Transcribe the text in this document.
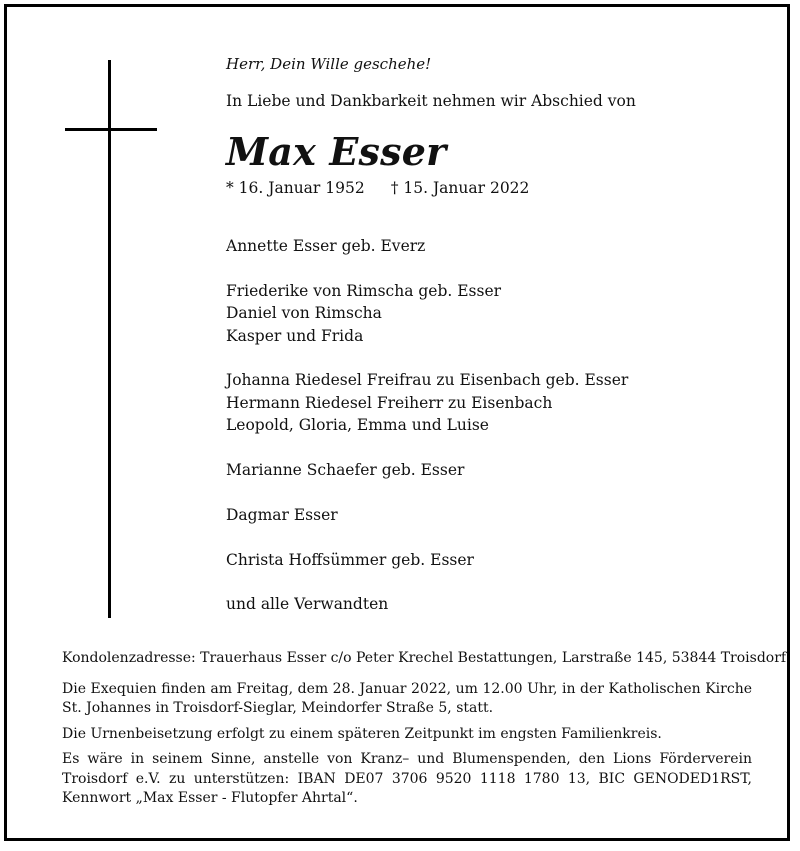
Herr, Dein Wille geschehe!
In Liebe und Dankbarkeit nehmen wir Abschied von
Max Esser
* 16. Januar 1952 † 15. Januar 2022
Annette Esser geb. Everz
Friederike von Rimscha geb. Esser
Daniel von Rimscha
Kasper und Frida
Johanna Riedesel Freifrau zu Eisenbach geb. Esser
Hermann Riedesel Freiherr zu Eisenbach
Leopold, Gloria, Emma und Luise
Marianne Schaefer geb. Esser
Dagmar Esser
Christa Hoffsümmer geb. Esser
und alle Verwandten

Kondolenzadresse: Trauerhaus Esser c/o Peter Krechel Bestattungen, Larstraße 145, 53844 Troisdorf

Die Exequien finden am Freitag, dem 28. Januar 2022, um 12.00 Uhr, in der Katholischen Kirche St. Johannes in Troisdorf-Sieglar, Meindorfer Straße 5, statt.

Die Urnenbeisetzung erfolgt zu einem späteren Zeitpunkt im engsten Familienkreis.

Es wäre in seinem Sinne, anstelle von Kranz– und Blumenspenden, den Lions Förderverein Troisdorf e.V. zu unterstützen: IBAN DE07 3706 9520 1118 1780 13, BIC GENODED1RST, Kennwort „Max Esser - Flutopfer Ahrtal“.
